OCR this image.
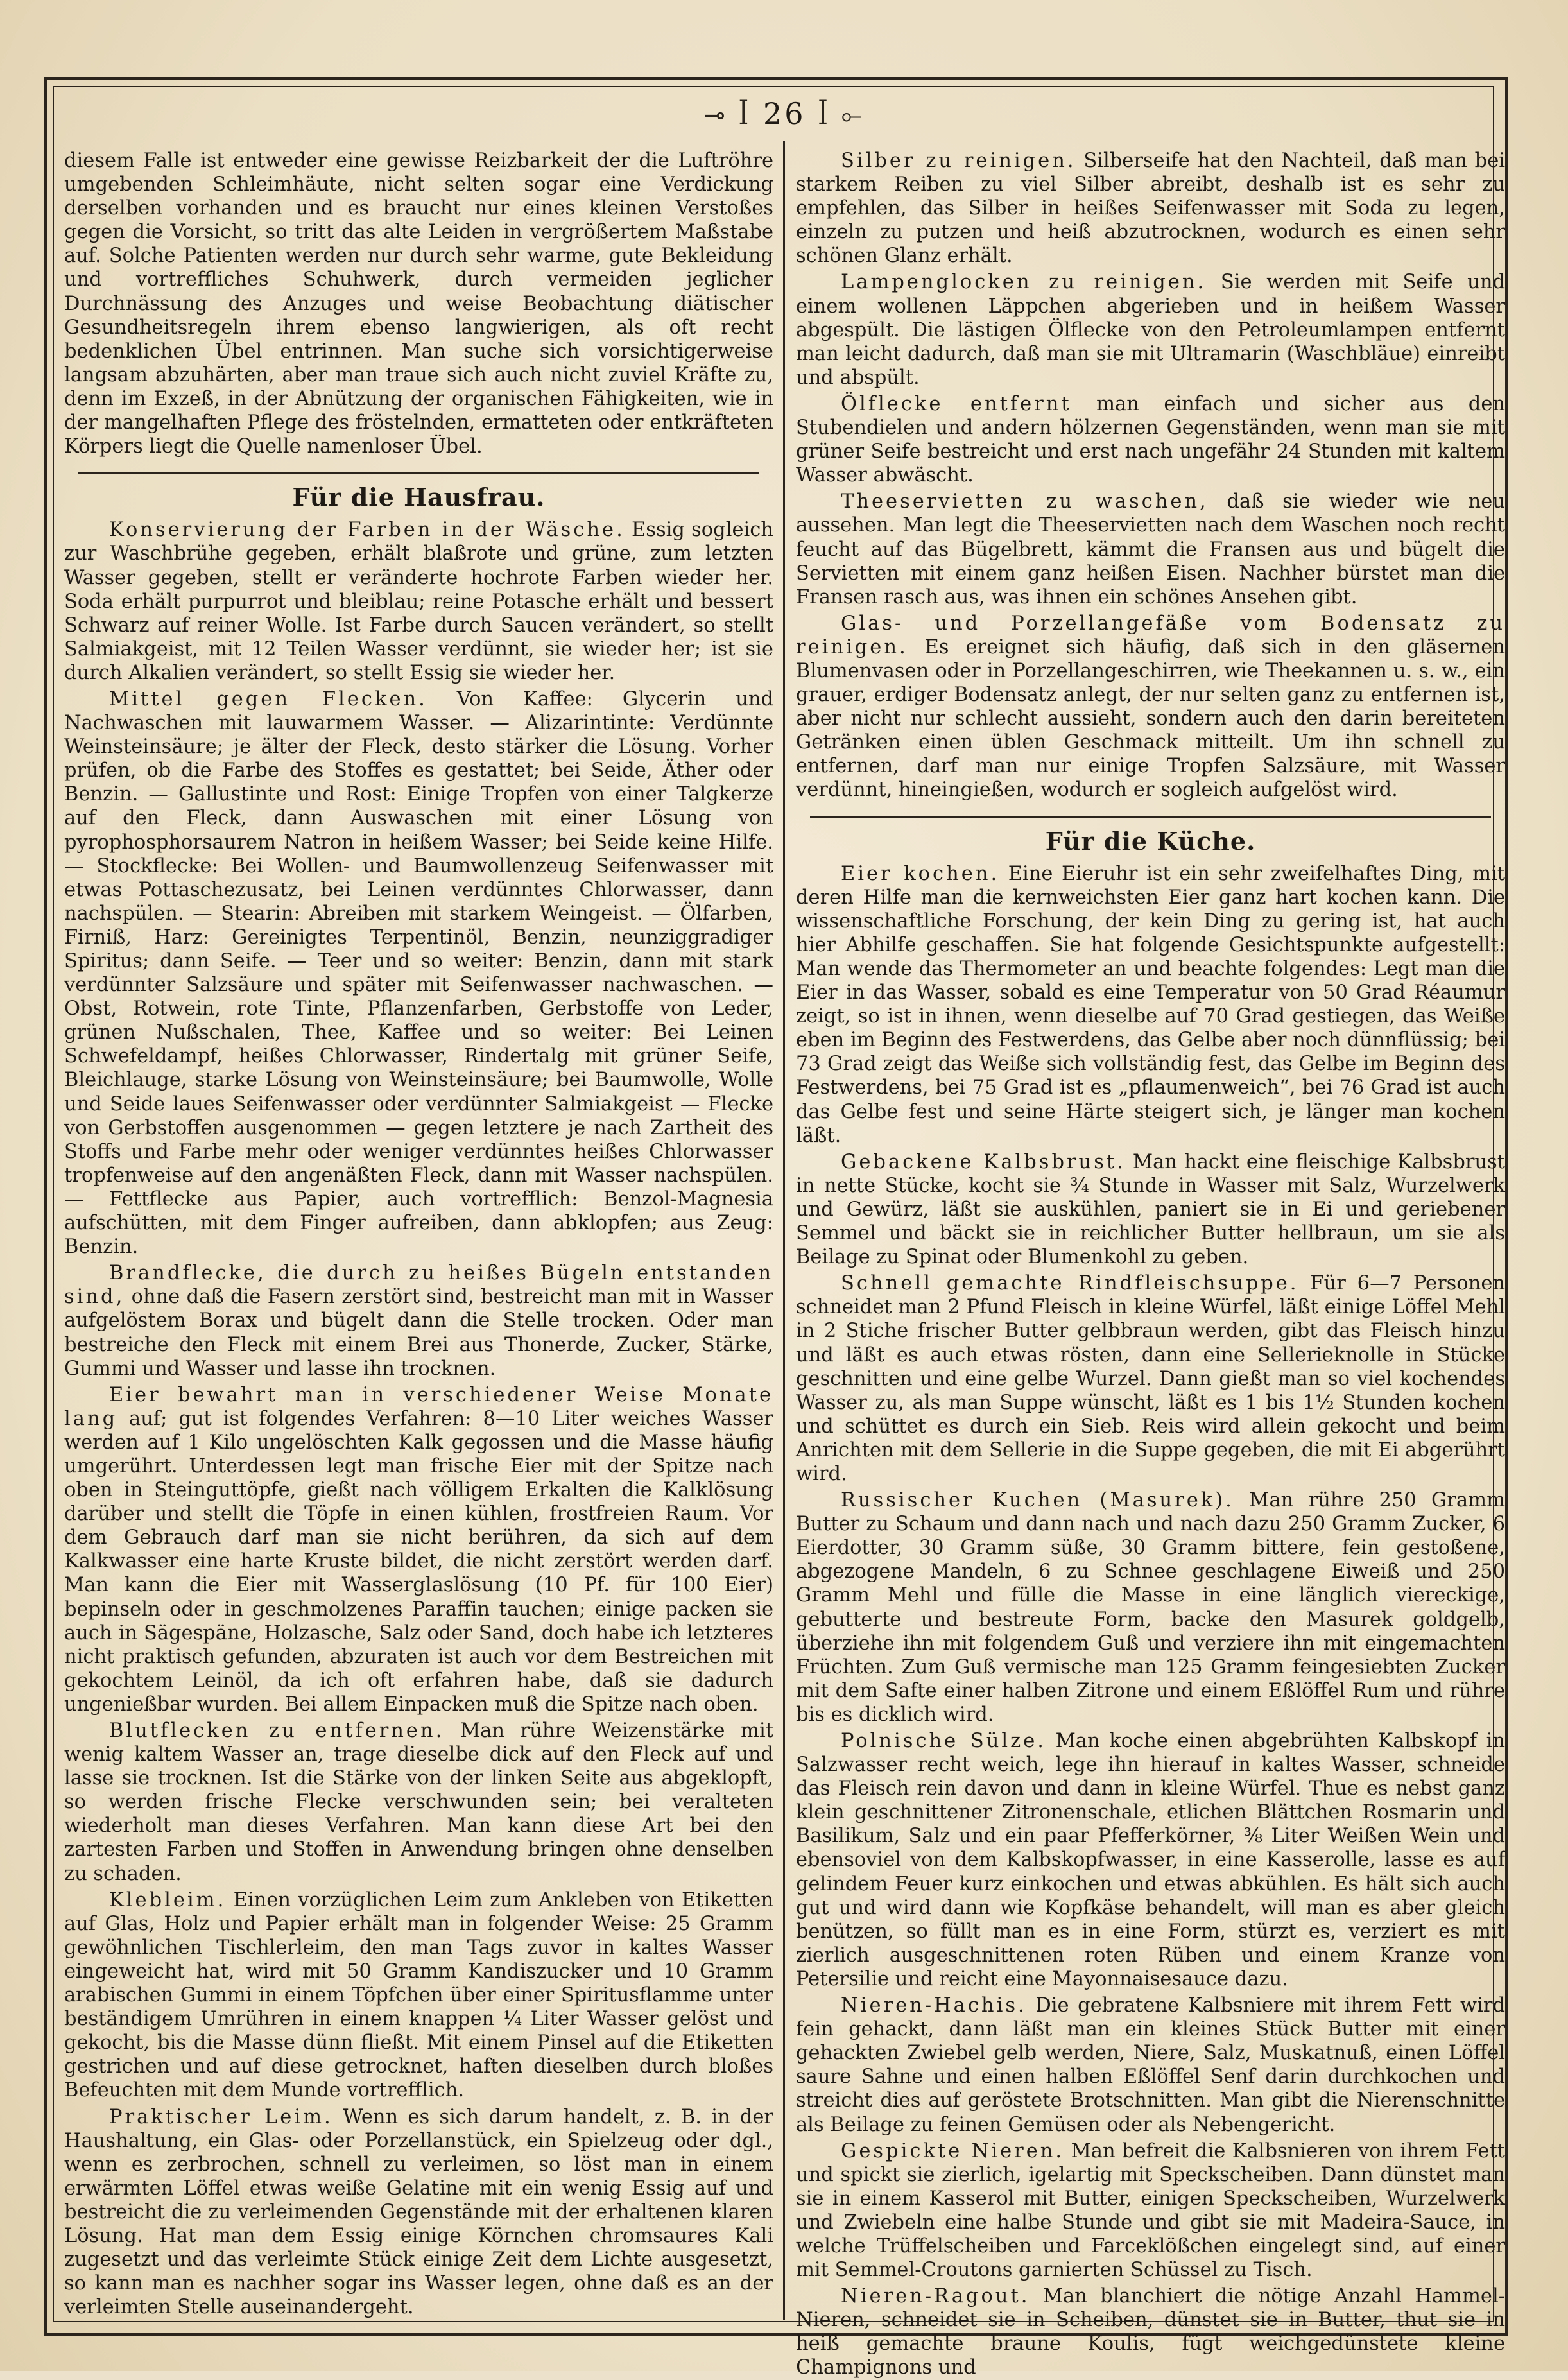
⊸ ꟾ 26 ꟾ ⟜

diesem Falle ist entweder eine gewisse Reizbarkeit der die Luftröhre umgebenden Schleimhäute, nicht selten sogar eine Verdickung derselben vorhanden und es braucht nur eines kleinen Verstoßes gegen die Vorsicht, so tritt das alte Leiden in vergrößertem Maßstabe auf. Solche Patienten werden nur durch sehr warme, gute Bekleidung und vortreffliches Schuhwerk, durch vermeiden jeglicher Durchnässung des Anzuges und weise Beobachtung diätischer Gesundheitsregeln ihrem ebenso langwierigen, als oft recht bedenklichen Übel entrinnen. Man suche sich vorsichtigerweise langsam abzuhärten, aber man traue sich auch nicht zuviel Kräfte zu, denn im Exzeß, in der Abnützung der organischen Fähigkeiten, wie in der mangelhaften Pflege des fröstelnden, ermatteten oder entkräfteten Körpers liegt die Quelle namenloser Übel.

Für die Hausfrau.

Konservierung der Farben in der Wäsche. Essig sogleich zur Waschbrühe gegeben, erhält blaßrote und grüne, zum letzten Wasser gegeben, stellt er veränderte hochrote Farben wieder her. Soda erhält purpurrot und bleiblau; reine Potasche erhält und bessert Schwarz auf reiner Wolle. Ist Farbe durch Saucen verändert, so stellt Salmiakgeist, mit 12 Teilen Wasser verdünnt, sie wieder her; ist sie durch Alkalien verändert, so stellt Essig sie wieder her.

Mittel gegen Flecken. Von Kaffee: Glycerin und Nachwaschen mit lauwarmem Wasser. — Alizarintinte: Verdünnte Weinsteinsäure; je älter der Fleck, desto stärker die Lösung. Vorher prüfen, ob die Farbe des Stoffes es gestattet; bei Seide, Äther oder Benzin. — Gallustinte und Rost: Einige Tropfen von einer Talgkerze auf den Fleck, dann Auswaschen mit einer Lösung von pyrophosphorsaurem Natron in heißem Wasser; bei Seide keine Hilfe. — Stockflecke: Bei Wollen- und Baumwollenzeug Seifenwasser mit etwas Pottaschezusatz, bei Leinen verdünntes Chlorwasser, dann nachspülen. — Stearin: Abreiben mit starkem Weingeist. — Ölfarben, Firniß, Harz: Gereinigtes Terpentinöl, Benzin, neunziggradiger Spiritus; dann Seife. — Teer und so weiter: Benzin, dann mit stark verdünnter Salzsäure und später mit Seifenwasser nachwaschen. — Obst, Rotwein, rote Tinte, Pflanzenfarben, Gerbstoffe von Leder, grünen Nußschalen, Thee, Kaffee und so weiter: Bei Leinen Schwefeldampf, heißes Chlorwasser, Rindertalg mit grüner Seife, Bleichlauge, starke Lösung von Weinsteinsäure; bei Baumwolle, Wolle und Seide laues Seifenwasser oder verdünnter Salmiakgeist — Flecke von Gerbstoffen ausgenommen — gegen letztere je nach Zartheit des Stoffs und Farbe mehr oder weniger verdünntes heißes Chlorwasser tropfenweise auf den angenäßten Fleck, dann mit Wasser nachspülen. — Fettflecke aus Papier, auch vortrefflich: Benzol-Magnesia aufschütten, mit dem Finger aufreiben, dann abklopfen; aus Zeug: Benzin.

Brandflecke, die durch zu heißes Bügeln entstanden sind, ohne daß die Fasern zerstört sind, bestreicht man mit in Wasser aufgelöstem Borax und bügelt dann die Stelle trocken. Oder man bestreiche den Fleck mit einem Brei aus Thonerde, Zucker, Stärke, Gummi und Wasser und lasse ihn trocknen.

Eier bewahrt man in verschiedener Weise Monate lang auf; gut ist folgendes Verfahren: 8—10 Liter weiches Wasser werden auf 1 Kilo ungelöschten Kalk gegossen und die Masse häufig umgerührt. Unterdessen legt man frische Eier mit der Spitze nach oben in Steinguttöpfe, gießt nach völligem Erkalten die Kalklösung darüber und stellt die Töpfe in einen kühlen, frostfreien Raum. Vor dem Gebrauch darf man sie nicht berühren, da sich auf dem Kalkwasser eine harte Kruste bildet, die nicht zerstört werden darf. Man kann die Eier mit Wasserglaslösung (10 Pf. für 100 Eier) bepinseln oder in geschmolzenes Paraffin tauchen; einige packen sie auch in Sägespäne, Holzasche, Salz oder Sand, doch habe ich letzteres nicht praktisch gefunden, abzuraten ist auch vor dem Bestreichen mit gekochtem Leinöl, da ich oft erfahren habe, daß sie dadurch ungenießbar wurden. Bei allem Einpacken muß die Spitze nach oben.

Blutflecken zu entfernen. Man rühre Weizenstärke mit wenig kaltem Wasser an, trage dieselbe dick auf den Fleck auf und lasse sie trocknen. Ist die Stärke von der linken Seite aus abgeklopft, so werden frische Flecke verschwunden sein; bei veralteten wiederholt man dieses Verfahren. Man kann diese Art bei den zartesten Farben und Stoffen in Anwendung bringen ohne denselben zu schaden.

Klebleim. Einen vorzüglichen Leim zum Ankleben von Etiketten auf Glas, Holz und Papier erhält man in folgender Weise: 25 Gramm gewöhnlichen Tischlerleim, den man Tags zuvor in kaltes Wasser eingeweicht hat, wird mit 50 Gramm Kandiszucker und 10 Gramm arabischen Gummi in einem Töpfchen über einer Spiritusflamme unter beständigem Umrühren in einem knappen ¼ Liter Wasser gelöst und gekocht, bis die Masse dünn fließt. Mit einem Pinsel auf die Etiketten gestrichen und auf diese getrocknet, haften dieselben durch bloßes Befeuchten mit dem Munde vortrefflich.

Praktischer Leim. Wenn es sich darum handelt, z. B. in der Haushaltung, ein Glas- oder Porzellanstück, ein Spielzeug oder dgl., wenn es zerbrochen, schnell zu verleimen, so löst man in einem erwärmten Löffel etwas weiße Gelatine mit ein wenig Essig auf und bestreicht die zu verleimenden Gegenstände mit der erhaltenen klaren Lösung. Hat man dem Essig einige Körnchen chromsaures Kali zugesetzt und das verleimte Stück einige Zeit dem Lichte ausgesetzt, so kann man es nachher sogar ins Wasser legen, ohne daß es an der verleimten Stelle auseinandergeht.

Silber zu reinigen. Silberseife hat den Nachteil, daß man bei starkem Reiben zu viel Silber abreibt, deshalb ist es sehr zu empfehlen, das Silber in heißes Seifenwasser mit Soda zu legen, einzeln zu putzen und heiß abzutrocknen, wodurch es einen sehr schönen Glanz erhält.

Lampenglocken zu reinigen. Sie werden mit Seife und einem wollenen Läppchen abgerieben und in heißem Wasser abgespült. Die lästigen Ölflecke von den Petroleumlampen entfernt man leicht dadurch, daß man sie mit Ultramarin (Waschbläue) einreibt und abspült.

Ölflecke entfernt man einfach und sicher aus den Stubendielen und andern hölzernen Gegenständen, wenn man sie mit grüner Seife bestreicht und erst nach ungefähr 24 Stunden mit kaltem Wasser abwäscht.

Theeservietten zu waschen, daß sie wieder wie neu aussehen. Man legt die Theeservietten nach dem Waschen noch recht feucht auf das Bügelbrett, kämmt die Fransen aus und bügelt die Servietten mit einem ganz heißen Eisen. Nachher bürstet man die Fransen rasch aus, was ihnen ein schönes Ansehen gibt.

Glas- und Porzellangefäße vom Bodensatz zu reinigen. Es ereignet sich häufig, daß sich in den gläsernen Blumenvasen oder in Porzellangeschirren, wie Theekannen u. s. w., ein grauer, erdiger Bodensatz anlegt, der nur selten ganz zu entfernen ist, aber nicht nur schlecht aussieht, sondern auch den darin bereiteten Getränken einen üblen Geschmack mitteilt. Um ihn schnell zu entfernen, darf man nur einige Tropfen Salzsäure, mit Wasser verdünnt, hineingießen, wodurch er sogleich aufgelöst wird.

Für die Küche.

Eier kochen. Eine Eieruhr ist ein sehr zweifelhaftes Ding, mit deren Hilfe man die kernweichsten Eier ganz hart kochen kann. Die wissenschaftliche Forschung, der kein Ding zu gering ist, hat auch hier Abhilfe geschaffen. Sie hat folgende Gesichtspunkte aufgestellt: Man wende das Thermometer an und beachte folgendes: Legt man die Eier in das Wasser, sobald es eine Temperatur von 50 Grad Réaumur zeigt, so ist in ihnen, wenn dieselbe auf 70 Grad gestiegen, das Weiße eben im Beginn des Festwerdens, das Gelbe aber noch dünnflüssig; bei 73 Grad zeigt das Weiße sich vollständig fest, das Gelbe im Beginn des Festwerdens, bei 75 Grad ist es „pflaumenweich“, bei 76 Grad ist auch das Gelbe fest und seine Härte steigert sich, je länger man kochen läßt.

Gebackene Kalbsbrust. Man hackt eine fleischige Kalbsbrust in nette Stücke, kocht sie ¾ Stunde in Wasser mit Salz, Wurzelwerk und Gewürz, läßt sie auskühlen, paniert sie in Ei und geriebener Semmel und bäckt sie in reichlicher Butter hellbraun, um sie als Beilage zu Spinat oder Blumenkohl zu geben.

Schnell gemachte Rindfleischsuppe. Für 6—7 Personen schneidet man 2 Pfund Fleisch in kleine Würfel, läßt einige Löffel Mehl in 2 Stiche frischer Butter gelbbraun werden, gibt das Fleisch hinzu und läßt es auch etwas rösten, dann eine Sellerieknolle in Stücke geschnitten und eine gelbe Wurzel. Dann gießt man so viel kochendes Wasser zu, als man Suppe wünscht, läßt es 1 bis 1½ Stunden kochen und schüttet es durch ein Sieb. Reis wird allein gekocht und beim Anrichten mit dem Sellerie in die Suppe gegeben, die mit Ei abgerührt wird.

Russischer Kuchen (Masurek). Man rühre 250 Gramm Butter zu Schaum und dann nach und nach dazu 250 Gramm Zucker, 6 Eierdotter, 30 Gramm süße, 30 Gramm bittere, fein gestoßene, abgezogene Mandeln, 6 zu Schnee geschlagene Eiweiß und 250 Gramm Mehl und fülle die Masse in eine länglich viereckige, gebutterte und bestreute Form, backe den Masurek goldgelb, überziehe ihn mit folgendem Guß und verziere ihn mit eingemachten Früchten. Zum Guß vermische man 125 Gramm feingesiebten Zucker mit dem Safte einer halben Zitrone und einem Eßlöffel Rum und rühre bis es dicklich wird.

Polnische Sülze. Man koche einen abgebrühten Kalbskopf in Salzwasser recht weich, lege ihn hierauf in kaltes Wasser, schneide das Fleisch rein davon und dann in kleine Würfel. Thue es nebst ganz klein geschnittener Zitronenschale, etlichen Blättchen Rosmarin und Basilikum, Salz und ein paar Pfefferkörner, ⅜ Liter Weißen Wein und ebensoviel von dem Kalbskopfwasser, in eine Kasserolle, lasse es auf gelindem Feuer kurz einkochen und etwas abkühlen. Es hält sich auch gut und wird dann wie Kopfkäse behandelt, will man es aber gleich benützen, so füllt man es in eine Form, stürzt es, verziert es mit zierlich ausgeschnittenen roten Rüben und einem Kranze von Petersilie und reicht eine Mayonnaisesauce dazu.

Nieren-Hachis. Die gebratene Kalbsniere mit ihrem Fett wird fein gehackt, dann läßt man ein kleines Stück Butter mit einer gehackten Zwiebel gelb werden, Niere, Salz, Muskatnuß, einen Löffel saure Sahne und einen halben Eßlöffel Senf darin durchkochen und streicht dies auf geröstete Brotschnitten. Man gibt die Nierenschnitte als Beilage zu feinen Gemüsen oder als Nebengericht.

Gespickte Nieren. Man befreit die Kalbsnieren von ihrem Fett und spickt sie zierlich, igelartig mit Speckscheiben. Dann dünstet man sie in einem Kasserol mit Butter, einigen Speckscheiben, Wurzelwerk und Zwiebeln eine halbe Stunde und gibt sie mit Madeira-Sauce, in welche Trüffelscheiben und Farceklößchen eingelegt sind, auf einer mit Semmel-Croutons garnierten Schüssel zu Tisch.

Nieren-Ragout. Man blanchiert die nötige Anzahl Hammel-Nieren, schneidet sie in Scheiben, dünstet sie in Butter, thut sie in heiß gemachte braune Koulis, fügt weichgedünstete kleine Champignons und
